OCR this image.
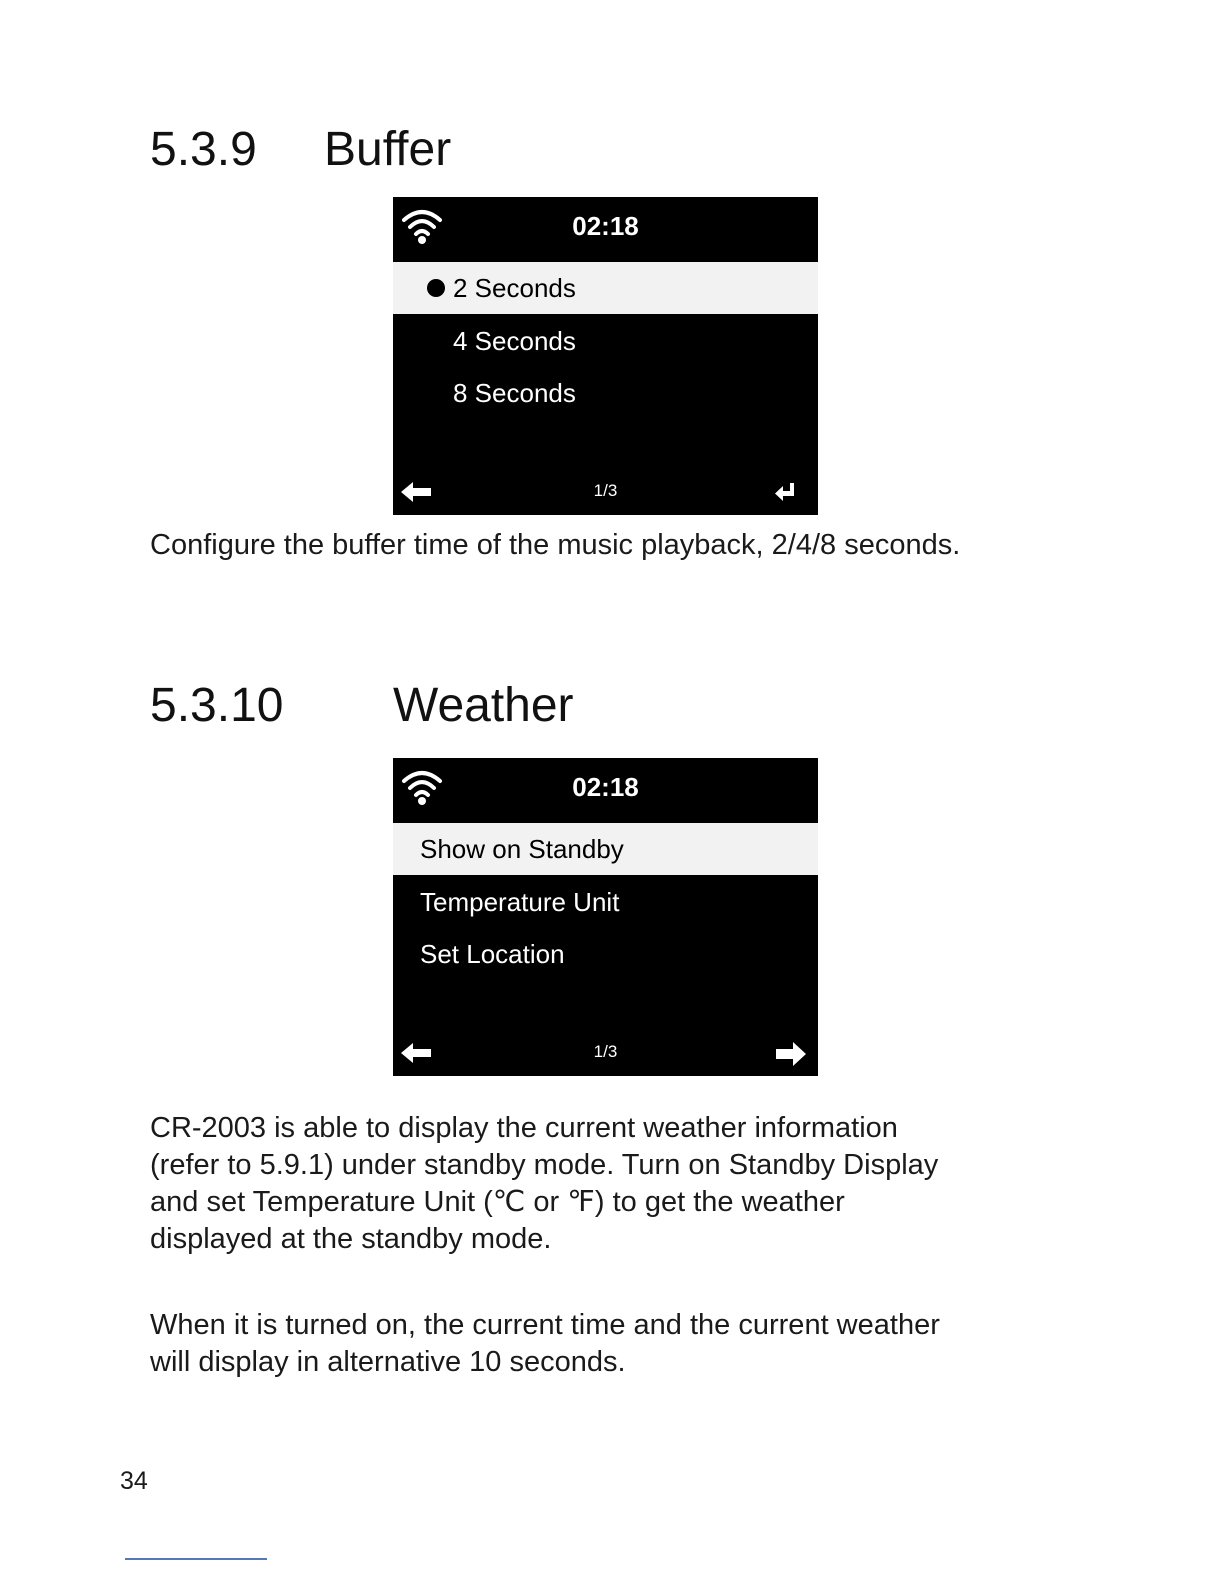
5.3.9 Buffer
02:18
2 Seconds
4 Seconds
8 Seconds
1/3

Configure the buffer time of the music playback, 2/4/8 seconds.

5.3.10 Weather
02:18
Show on Standby
Temperature Unit
Set Location
1/3
CR-2003 is able to display the current weather information
(refer to 5.9.1) under standby mode. Turn on Standby Display
and set Temperature Unit (℃ or ℉) to get the weather
displayed at the standby mode.
When it is turned on, the current time and the current weather
will display in alternative 10 seconds.
34
